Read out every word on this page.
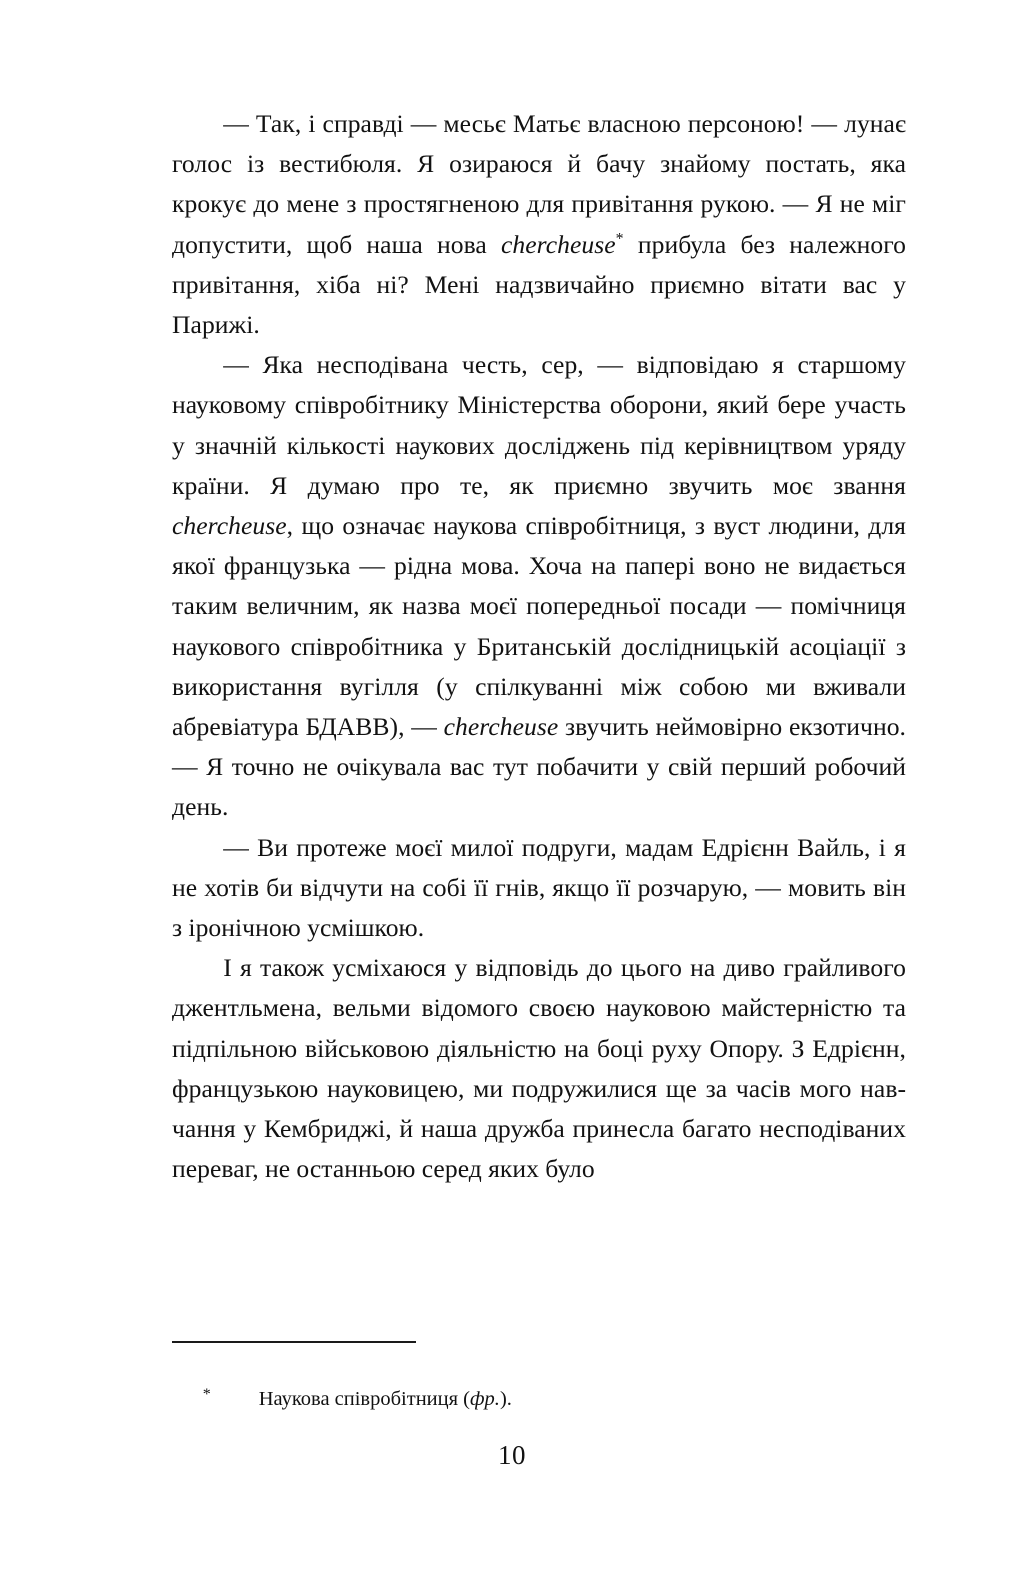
— Так, і справді — месьє Матьє власною персоною! — лунає голос із вестибюля. Я озираюся й бачу знайому постать, яка крокує до мене з простягненою для привітання рукою. — Я не міг допустити, щоб наша нова chercheuse* прибула без належного привітання, хіба ні? Мені надзвичайно приємно вітати вас у Парижі.

— Яка несподівана честь, сер, — відповідаю я старшому науковому співробітнику Міністерства оборони, який бере участь у значній кількості наукових досліджень під керівництвом уряду країни. Я думаю про те, як приємно звучить моє звання chercheuse, що означає наукова співробітниця, з вуст людини, для якої французька — рідна мова. Хоча на папері воно не видається таким величним, як назва моєї попередньої посади — помічниця наукового співробітника у Британській дослідницькій асоціації з використання вугілля (у спілкуванні між собою ми вживали абревіатура БДАВВ), — chercheuse звучить неймовірно екзотично. — Я точно не очікувала вас тут побачити у свій перший робочий день.

— Ви протеже моєї милої подруги, мадам Едрієнн Вайль, і я не хотів би відчути на собі її гнів, якщо її розчарую, — мовить він з іронічною усмішкою.

І я також усміхаюся у відповідь до цього на диво грайливого джентльмена, вельми відомого своєю науковою майстерністю та підпільною військовою діяльністю на боці руху Опору. З Едрієнн, французькою науковицею, ми подружилися ще за часів мого навчання у Кембриджі, й наша дружба принесла багато несподіваних переваг, не останньою серед яких було

* Наукова співробітниця (фр.).

10
